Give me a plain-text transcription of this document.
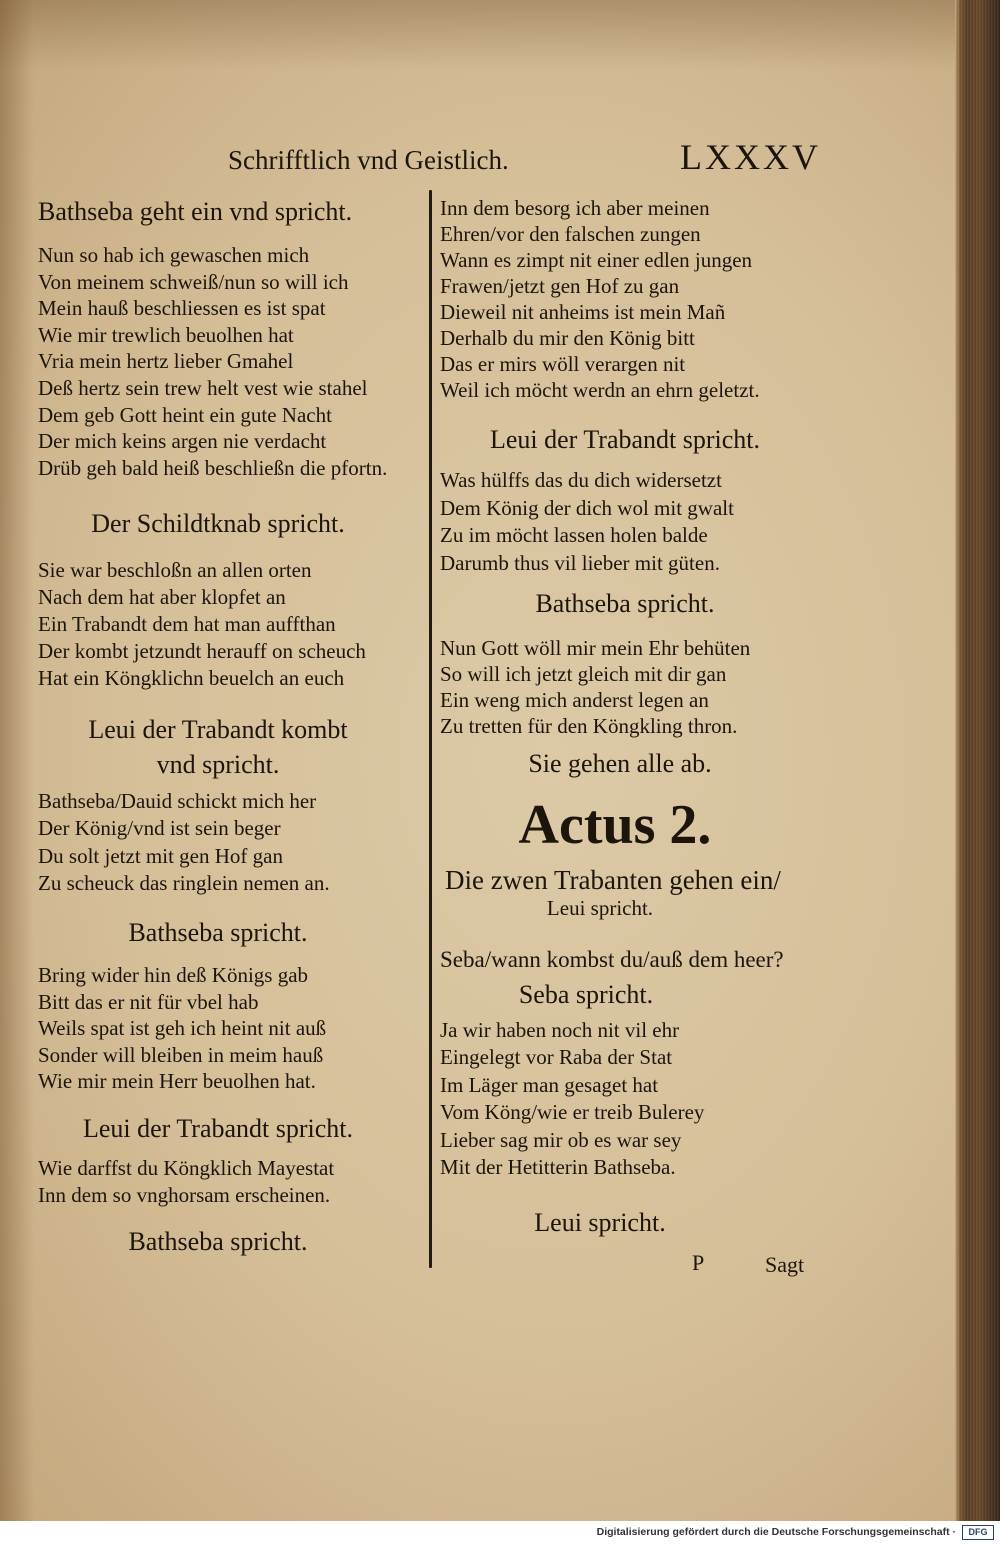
Schrifftlich vnd Geistlich.	LXXXV
Bathseba geht ein vnd spricht.
Nun so hab ich gewaschen mich
Von meinem schweiß/nun so will ich
Mein hauß beschliessen es ist spat
Wie mir trewlich beuolhen hat
Vria mein hertz lieber Gmahel
Deß hertz sein trew helt vest wie stahel
Dem geb Gott heint ein gute Nacht
Der mich keins argen nie verdacht
Drüb geh bald heiß beschließn die pfortn.
Der Schildtknab spricht.
Sie war beschloßn an allen orten
Nach dem hat aber klopfet an
Ein Trabandt dem hat man auffthan
Der kombt jetzundt herauff on scheuch
Hat ein Köngklichn beuelch an euch
Leui der Trabandt kombt
vnd spricht.
Bathseba/Dauid schickt mich her
Der König/vnd ist sein beger
Du solt jetzt mit gen Hof gan
Zu scheuck das ringlein nemen an.
Bathseba spricht.
Bring wider hin deß Königs gab
Bitt das er nit für vbel hab
Weils spat ist geh ich heint nit auß
Sonder will bleiben in meim hauß
Wie mir mein Herr beuolhen hat.
Leui der Trabandt spricht.
Wie darffst du Köngklich Mayestat
Inn dem so vnghorsam erscheinen.
Bathseba spricht.
Inn dem besorg ich aber meinen
Ehren/vor den falschen zungen
Wann es zimpt nit einer edlen jungen
Frawen/jetzt gen Hof zu gan
Dieweil nit anheims ist mein Mañ
Derhalb du mir den König bitt
Das er mirs wöll verargen nit
Weil ich möcht werdn an ehrn geletzt.
Leui der Trabandt spricht.
Was hülffs das du dich widersetzt
Dem König der dich wol mit gwalt
Zu im möcht lassen holen balde
Darumb thus vil lieber mit güten.
Bathseba spricht.
Nun Gott wöll mir mein Ehr behüten
So will ich jetzt gleich mit dir gan
Ein weng mich anderst legen an
Zu tretten für den Köngkling thron.
Sie gehen alle ab.
Actus 2.
Die zwen Trabanten gehen ein/
Leui spricht.
Seba/wann kombst du/auß dem heer?
Seba spricht.
Ja wir haben noch nit vil ehr
Eingelegt vor Raba der Stat
Im Läger man gesaget hat
Vom Köng/wie er treib Bulerey
Lieber sag mir ob es war sey
Mit der Hetitterin Bathseba.
Leui spricht.
P	Sagt
Digitalisierung gefördert durch die Deutsche Forschungsgemeinschaft ·	DFG
